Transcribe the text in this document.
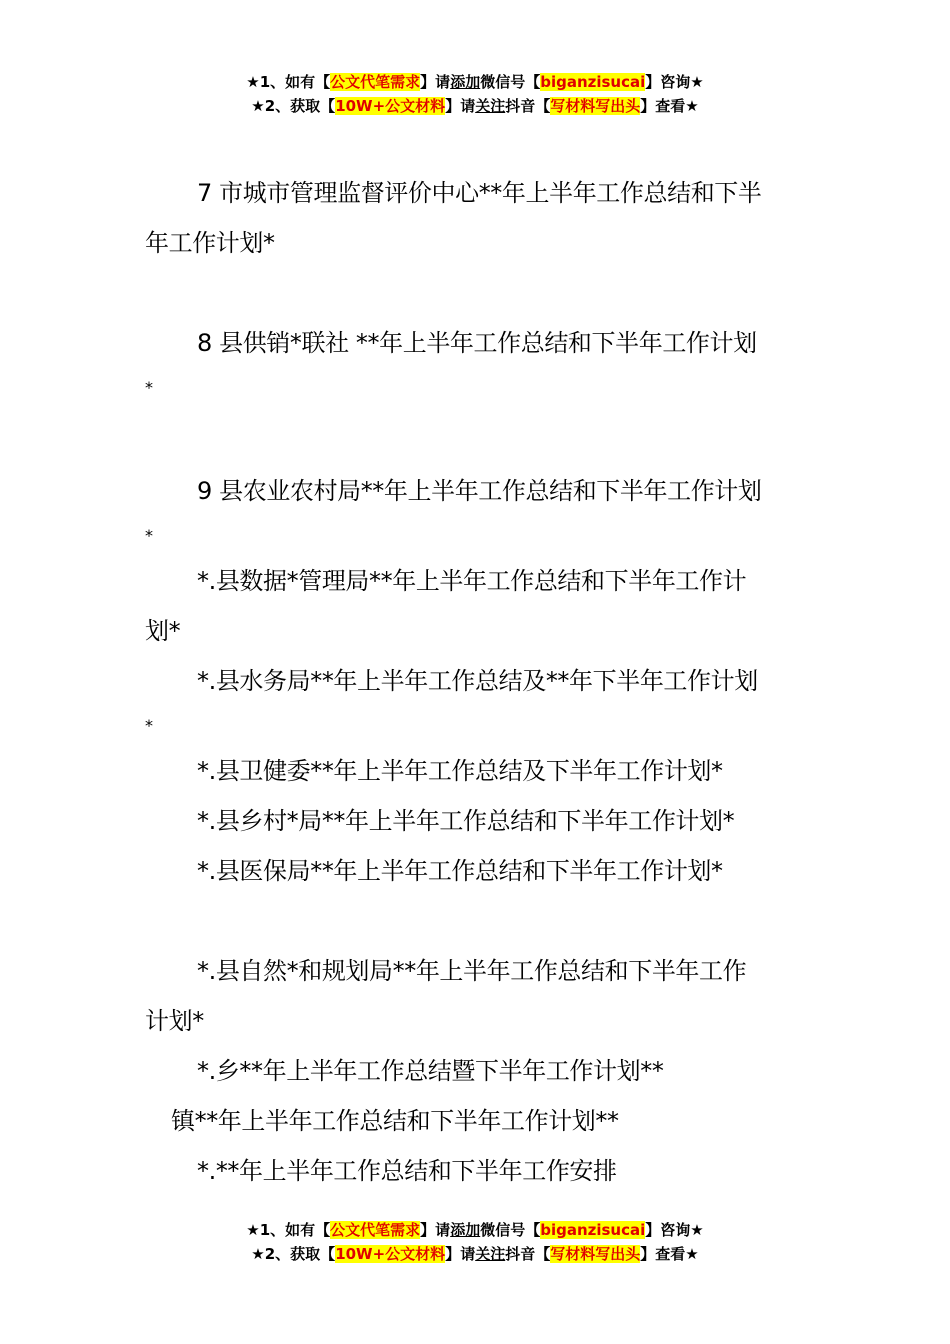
★1、如有【公文代笔需求】请添加微信号【biganzisucai】咨询★
★2、获取【10W+公文材料】请关注抖音【写材料写出头】查看★
7 市城市管理监督评价中心**年上半年工作总结和下半
年工作计划*
8 县供销*联社 **年上半年工作总结和下半年工作计划
*
9 县农业农村局**年上半年工作总结和下半年工作计划
*
*.县数据*管理局**年上半年工作总结和下半年工作计
划*
*.县水务局**年上半年工作总结及**年下半年工作计划
*
*.县卫健委**年上半年工作总结及下半年工作计划*
*.县乡村*局**年上半年工作总结和下半年工作计划*
*.县医保局**年上半年工作总结和下半年工作计划*
*.县自然*和规划局**年上半年工作总结和下半年工作
计划*
*.乡**年上半年工作总结暨下半年工作计划**
镇**年上半年工作总结和下半年工作计划**
*.**年上半年工作总结和下半年工作安排
★1、如有【公文代笔需求】请添加微信号【biganzisucai】咨询★
★2、获取【10W+公文材料】请关注抖音【写材料写出头】查看★
